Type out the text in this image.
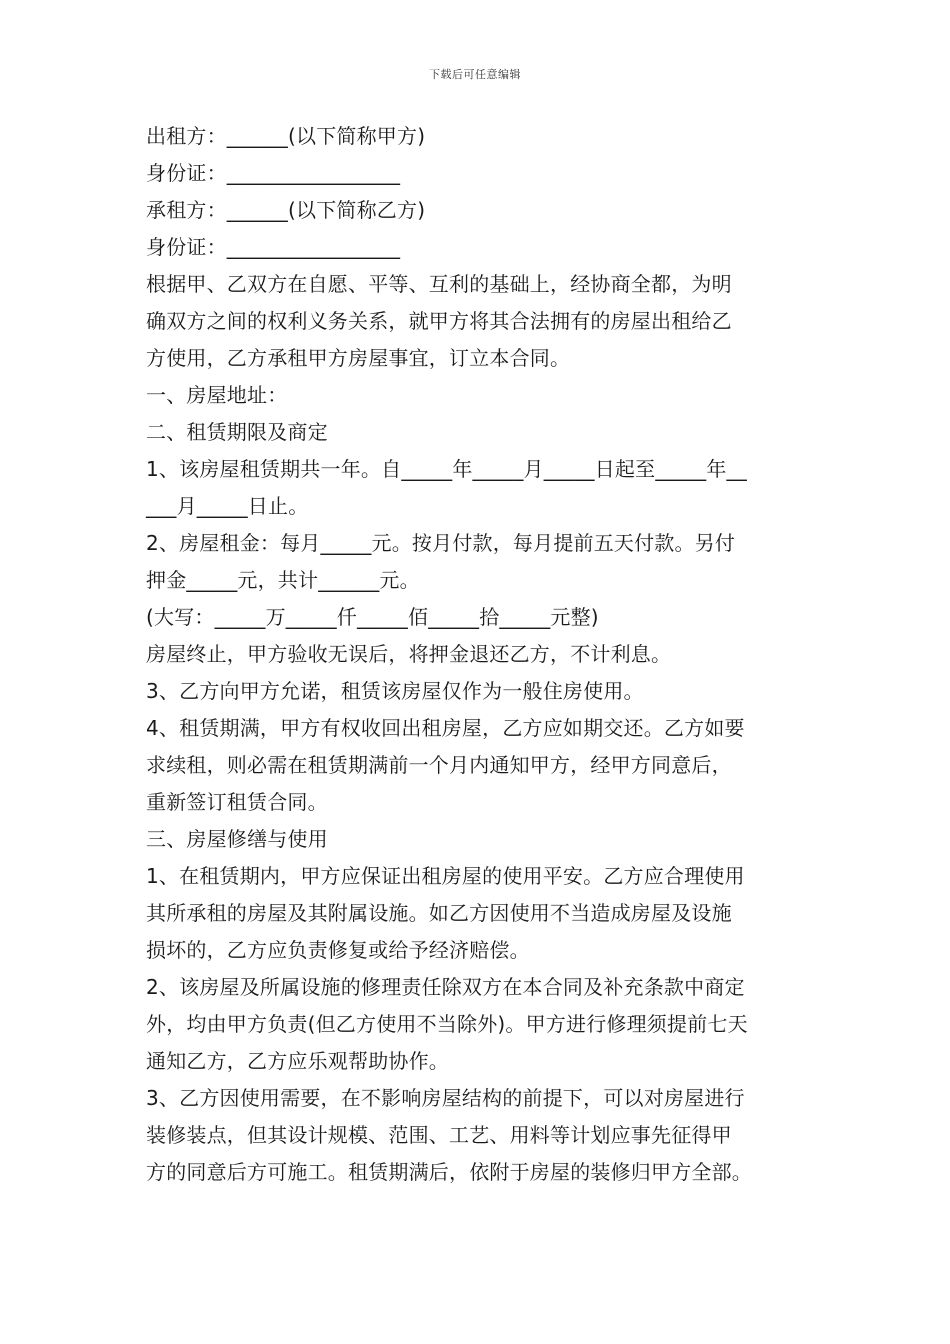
下载后可任意编辑
出租方：______(以下简称甲方)
身份证：_________________
承租方：______(以下简称乙方)
身份证：_________________
根据甲、乙双方在自愿、平等、互利的基础上，经协商全都，为明
确双方之间的权利义务关系，就甲方将其合法拥有的房屋出租给乙
方使用，乙方承租甲方房屋事宜，订立本合同。
一、房屋地址：
二、租赁期限及商定
1、该房屋租赁期共一年。自_____年_____月_____日起至_____年__
___月_____日止。
2、房屋租金：每月_____元。按月付款，每月提前五天付款。另付
押金_____元，共计______元。
(大写：_____万_____仟_____佰_____拾_____元整)
房屋终止，甲方验收无误后，将押金退还乙方，不计利息。
3、乙方向甲方允诺，租赁该房屋仅作为一般住房使用。
4、租赁期满，甲方有权收回出租房屋，乙方应如期交还。乙方如要
求续租，则必需在租赁期满前一个月内通知甲方，经甲方同意后，
重新签订租赁合同。
三、房屋修缮与使用
1、在租赁期内，甲方应保证出租房屋的使用平安。乙方应合理使用
其所承租的房屋及其附属设施。如乙方因使用不当造成房屋及设施
损坏的，乙方应负责修复或给予经济赔偿。
2、该房屋及所属设施的修理责任除双方在本合同及补充条款中商定
外，均由甲方负责(但乙方使用不当除外)。甲方进行修理须提前七天
通知乙方，乙方应乐观帮助协作。
3、乙方因使用需要，在不影响房屋结构的前提下，可以对房屋进行
装修装点，但其设计规模、范围、工艺、用料等计划应事先征得甲
方的同意后方可施工。租赁期满后，依附于房屋的装修归甲方全部。
